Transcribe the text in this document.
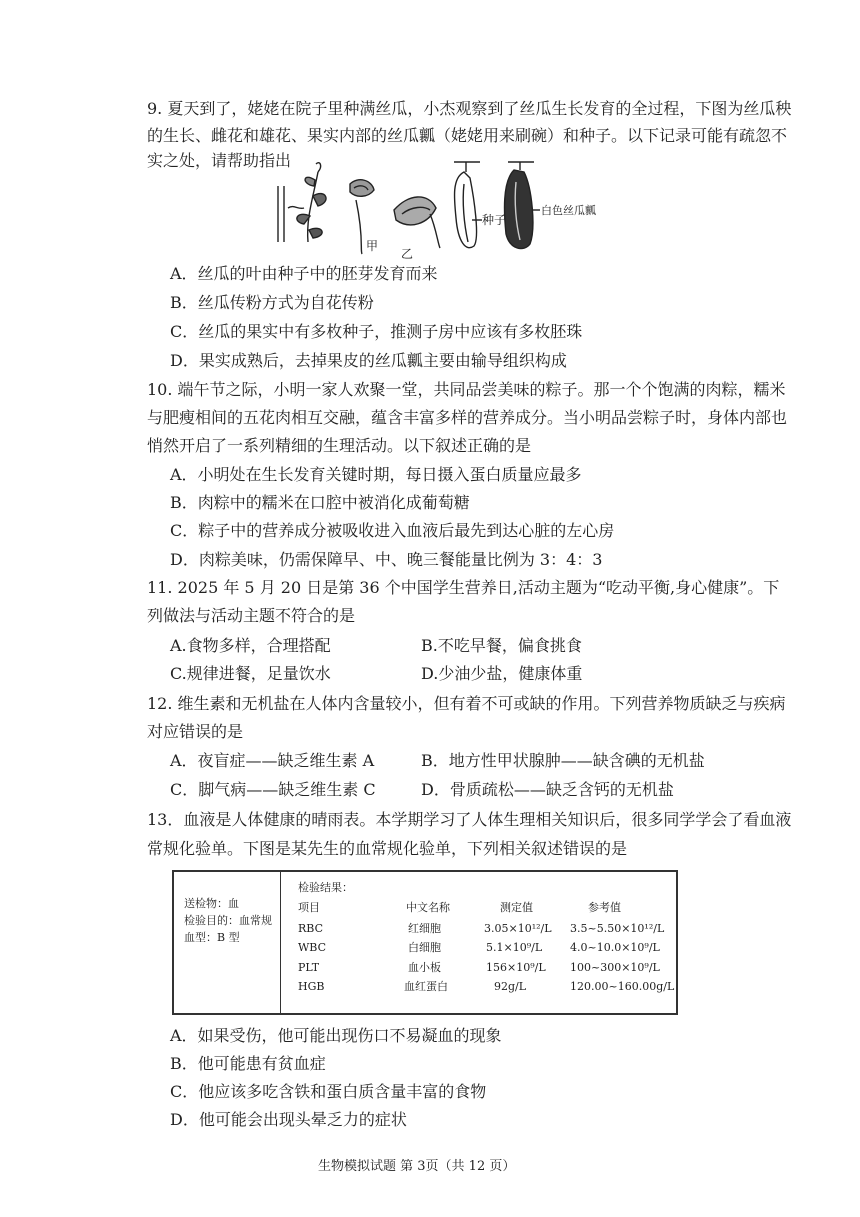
9. 夏天到了，姥姥在院子里种满丝瓜，小杰观察到了丝瓜生长发育的全过程，下图为丝瓜秧
的生长、雌花和雄花、果实内部的丝瓜瓤（姥姥用来刷碗）和种子。以下记录可能有疏忽不
实之处，请帮助指出
甲
乙
种子
白色丝瓜瓤
A．丝瓜的叶由种子中的胚芽发育而来
B．丝瓜传粉方式为自花传粉
C．丝瓜的果实中有多枚种子，推测子房中应该有多枚胚珠
D．果实成熟后，去掉果皮的丝瓜瓤主要由输导组织构成
10. 端午节之际，小明一家人欢聚一堂，共同品尝美味的粽子。那一个个饱满的肉粽，糯米
与肥瘦相间的五花肉相互交融，蕴含丰富多样的营养成分。当小明品尝粽子时，身体内部也
悄然开启了一系列精细的生理活动。以下叙述正确的是
A．小明处在生长发育关键时期，每日摄入蛋白质量应最多
B．肉粽中的糯米在口腔中被消化成葡萄糖
C．粽子中的营养成分被吸收进入血液后最先到达心脏的左心房
D．肉粽美味，仍需保障早、中、晚三餐能量比例为 3：4：3
11. 2025 年 5 月 20 日是第 36 个中国学生营养日,活动主题为“吃动平衡,身心健康”。下
列做法与活动主题不符合的是
A.食物多样，合理搭配	B.不吃早餐，偏食挑食
C.规律进餐，足量饮水	D.少油少盐，健康体重
12. 维生素和无机盐在人体内含量较小，但有着不可或缺的作用。下列营养物质缺乏与疾病
对应错误的是
A．夜盲症——缺乏维生素 A	B．地方性甲状腺肿——缺含碘的无机盐
C．脚气病——缺乏维生素 C	D．骨质疏松——缺乏含钙的无机盐
13．血液是人体健康的晴雨表。本学期学习了人体生理相关知识后，很多同学学会了看血液
常规化验单。下图是某先生的血常规化验单，下列相关叙述错误的是
送检物：血
检验目的：血常规
血型：B 型
检验结果：
项目	中文名称	测定值	参考值
RBC	红细胞	3.05×10¹²/L 3.5~5.50×10¹²/L
WBC	白细胞	5.1×10⁹/L	4.0~10.0×10⁹/L
PLT	血小板	156×10⁹/L 100~300×10⁹/L
HGB	血红蛋白	92g/L	120.00~160.00g/L
A．如果受伤，他可能出现伤口不易凝血的现象
B．他可能患有贫血症
C．他应该多吃含铁和蛋白质含量丰富的食物
D．他可能会出现头晕乏力的症状
生物模拟试题 第 3页（共 12 页）
